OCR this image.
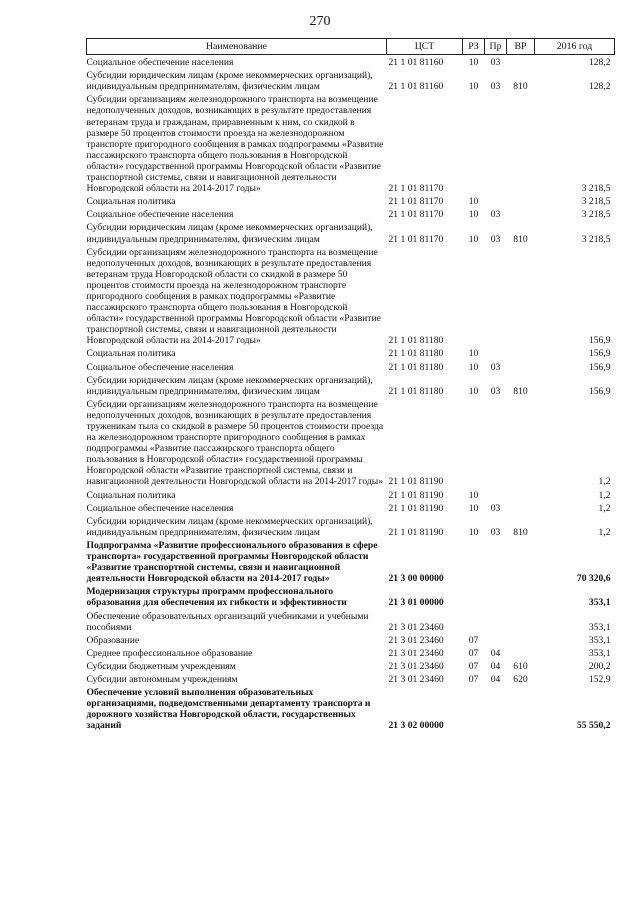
270
Наименование	ЦСТ	РЗ	Пр	ВР	2016 год
Социальное обеспечение населения	21 1 01 81160	10	03		128,2
Субсидии юридическим лицам (кроме некоммерческих организаций), индивидуальным предпринимателям, физическим лицам	21 1 01 81160	10	03	810	128,2
Субсидии организациям железнодорожного транспорта на возмещение недополученных доходов, возникающих в результате предоставления ветеранам труда и гражданам, приравненным к ним, со скидкой в размере 50 процентов стоимости проезда на железнодорожном транспорте пригородного сообщения в рамках подпрограммы «Развитие пассажирского транспорта общего пользования в Новгородской области» государственной программы Новгородской области «Развитие транспортной системы, связи и навигационной деятельности Новгородской области на 2014-2017 годы»	21 1 01 81170				3 218,5
Социальная политика	21 1 01 81170	10			3 218,5
Социальное обеспечение населения	21 1 01 81170	10	03		3 218,5
Субсидии юридическим лицам (кроме некоммерческих организаций), индивидуальным предпринимателям, физическим лицам	21 1 01 81170	10	03	810	3 218,5
Субсидии организациям железнодорожного транспорта на возмещение недополученных доходов, возникающих в результате предоставления ветеранам труда Новгородской области со скидкой в размере 50 процентов стоимости проезда на железнодорожном транспорте пригородного сообщения в рамках подпрограммы «Развитие пассажирского транспорта общего пользования в Новгородской области» государственной программы Новгородской области «Развитие транспортной системы, связи и навигационной деятельности Новгородской области на 2014-2017 годы»	21 1 01 81180				156,9
Социальная политика	21 1 01 81180	10			156,9
Социальное обеспечение населения	21 1 01 81180	10	03		156,9
Субсидии юридическим лицам (кроме некоммерческих организаций), индивидуальным предпринимателям, физическим лицам	21 1 01 81180	10	03	810	156,9
Субсидии организациям железнодорожного транспорта на возмещение недополученных доходов, возникающих в результате предоставления труженикам тыла со скидкой в размере 50 процентов стоимости проезда на железнодорожном транспорте пригородного сообщения в рамках подпрограммы «Развитие пассажирского транспорта общего пользования в Новгородской области» государственной программы Новгородской области «Развитие транспортной системы, связи и навигационной деятельности Новгородской области на 2014-2017 годы»	21 1 01 81190				1,2
Социальная политика	21 1 01 81190	10			1,2
Социальное обеспечение населения	21 1 01 81190	10	03		1,2
Субсидии юридическим лицам (кроме некоммерческих организаций), индивидуальным предпринимателям, физическим лицам	21 1 01 81190	10	03	810	1,2
Подпрограмма «Развитие профессионального образования в сфере транспорта» государственной программы Новгородской области «Развитие транспортной системы, связи и навигационной деятельности Новгородской области на 2014-2017 годы»	21 3 00 00000				70 320,6
Модернизация структуры программ профессионального образования для обеспечения их гибкости и эффективности	21 3 01 00000				353,1
Обеспечение образовательных организаций учебниками и учебными пособиями	21 3 01 23460				353,1
Образование	21 3 01 23460	07			353,1
Среднее профессиональное образование	21 3 01 23460	07	04		353,1
Субсидии бюджетным учреждениям	21 3 01 23460	07	04	610	200,2
Субсидии автономным учреждениям	21 3 01 23460	07	04	620	152,9
Обеспечение условий выполнения образовательных организациями, подведомственными департаменту транспорта и дорожного хозяйства Новгородской области, государственных заданий	21 3 02 00000				55 550,2
